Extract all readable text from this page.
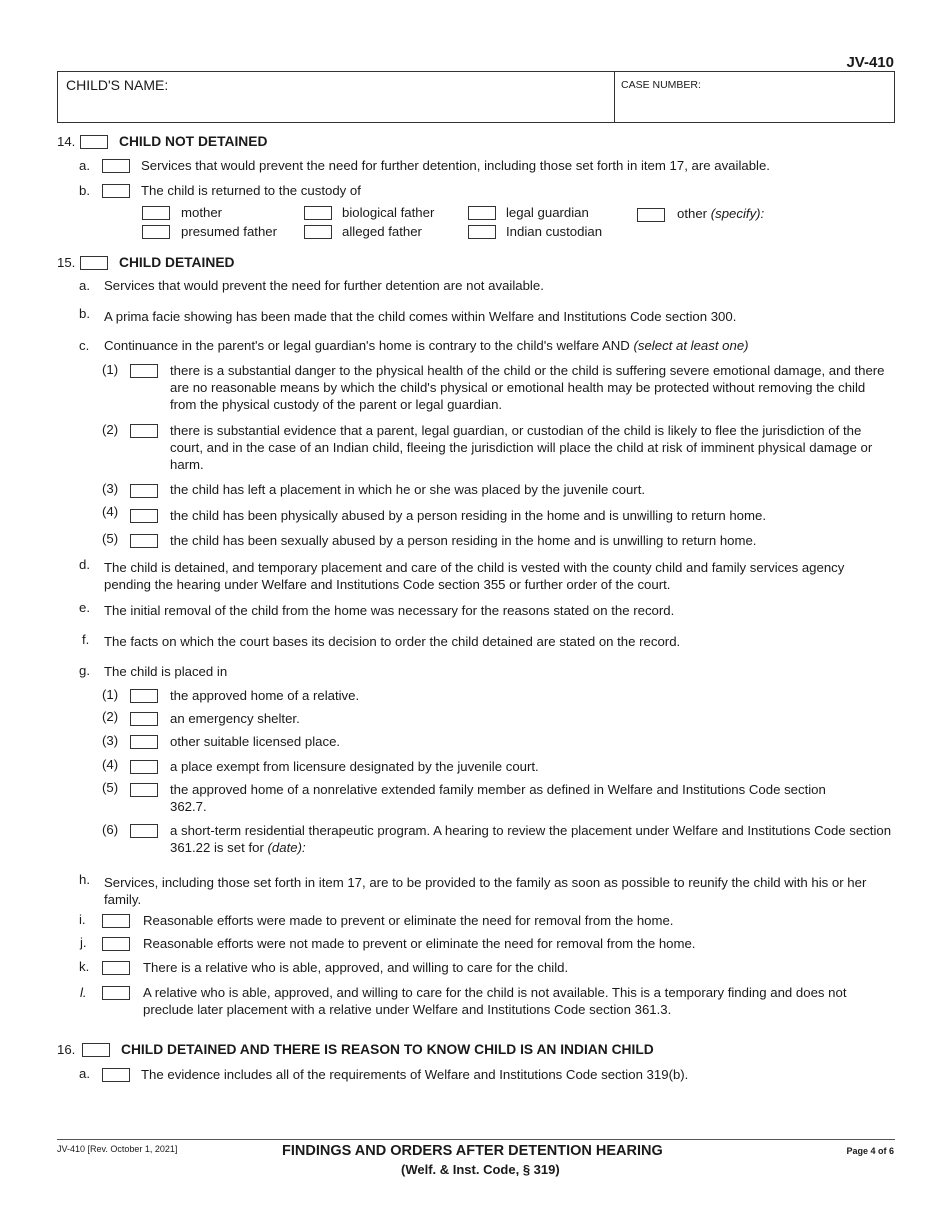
JV-410
CHILD'S NAME:	CASE NUMBER:
14.	CHILD NOT DETAINED
a.	Services that would prevent the need for further detention, including those set forth in item 17, are available.
b.	The child is returned to the custody of
mother	biological father	legal guardian	other (specify):
presumed father	alleged father	Indian custodian
15.	CHILD DETAINED
a. Services that would prevent the need for further detention are not available.
b. A prima facie showing has been made that the child comes within Welfare and Institutions Code section 300.
c. Continuance in the parent's or legal guardian's home is contrary to the child's welfare AND (select at least one)
(1)	there is a substantial danger to the physical health of the child or the child is suffering severe emotional damage, and there are no reasonable means by which the child's physical or emotional health may be protected without removing the child from the physical custody of the parent or legal guardian.
(2)	there is substantial evidence that a parent, legal guardian, or custodian of the child is likely to flee the jurisdiction of the court, and in the case of an Indian child, fleeing the jurisdiction will place the child at risk of imminent physical damage or harm.
(3)	the child has left a placement in which he or she was placed by the juvenile court.
(4)	the child has been physically abused by a person residing in the home and is unwilling to return home.
(5)	the child has been sexually abused by a person residing in the home and is unwilling to return home.
d. The child is detained, and temporary placement and care of the child is vested with the county child and family services agency pending the hearing under Welfare and Institutions Code section 355 or further order of the court.
e. The initial removal of the child from the home was necessary for the reasons stated on the record.
f. The facts on which the court bases its decision to order the child detained are stated on the record.
g. The child is placed in
(1)	the approved home of a relative.
(2)	an emergency shelter.
(3)	other suitable licensed place.
(4)	a place exempt from licensure designated by the juvenile court.
(5)	the approved home of a nonrelative extended family member as defined in Welfare and Institutions Code section 362.7.
(6)	a short-term residential therapeutic program. A hearing to review the placement under Welfare and Institutions Code section 361.22 is set for (date):
h. Services, including those set forth in item 17, are to be provided to the family as soon as possible to reunify the child with his or her family.
i.	Reasonable efforts were made to prevent or eliminate the need for removal from the home.
j.	Reasonable efforts were not made to prevent or eliminate the need for removal from the home.
k.	There is a relative who is able, approved, and willing to care for the child.
l.	A relative who is able, approved, and willing to care for the child is not available. This is a temporary finding and does not preclude later placement with a relative under Welfare and Institutions Code section 361.3.
16.	CHILD DETAINED AND THERE IS REASON TO KNOW CHILD IS AN INDIAN CHILD
a.	The evidence includes all of the requirements of Welfare and Institutions Code section 319(b).
JV-410 [Rev. October 1, 2021]	FINDINGS AND ORDERS AFTER DETENTION HEARING
(Welf. & Inst. Code, § 319)
Page 4 of 6
